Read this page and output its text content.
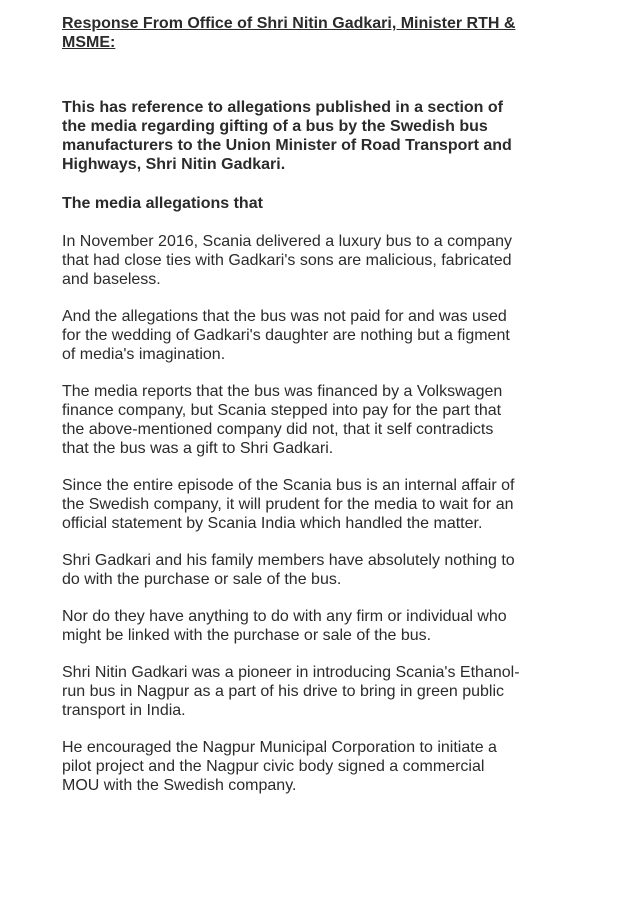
Response From Office of Shri Nitin Gadkari, Minister RTH &
MSME:

This has reference to allegations published in a section of
the media regarding gifting of a bus by the Swedish bus
manufacturers to the Union Minister of Road Transport and
Highways, Shri Nitin Gadkari.

The media allegations that

In November 2016, Scania delivered a luxury bus to a company
that had close ties with Gadkari's sons are malicious, fabricated
and baseless.

And the allegations that the bus was not paid for and was used
for the wedding of Gadkari's daughter are nothing but a figment
of media's imagination.

The media reports that the bus was financed by a Volkswagen
finance company, but Scania stepped into pay for the part that
the above-mentioned company did not, that it self contradicts
that the bus was a gift to Shri Gadkari.

Since the entire episode of the Scania bus is an internal affair of
the Swedish company, it will prudent for the media to wait for an
official statement by Scania India which handled the matter.

Shri Gadkari and his family members have absolutely nothing to
do with the purchase or sale of the bus.

Nor do they have anything to do with any firm or individual who
might be linked with the purchase or sale of the bus.

Shri Nitin Gadkari was a pioneer in introducing Scania's Ethanol-
run bus in Nagpur as a part of his drive to bring in green public
transport in India.

He encouraged the Nagpur Municipal Corporation to initiate a
pilot project and the Nagpur civic body signed a commercial
MOU with the Swedish company.
